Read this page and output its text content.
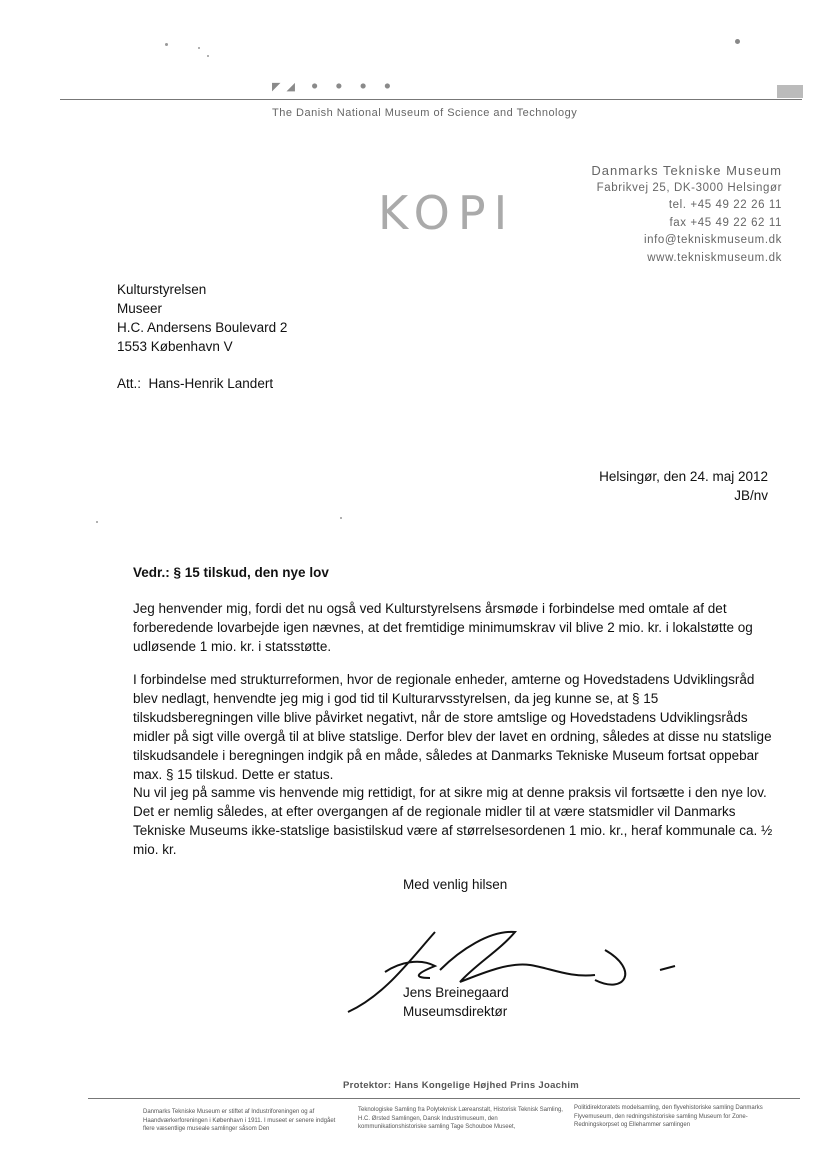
◤◢ ⚫ ⚫ ⚫ ⚫
The Danish National Museum of Science and Technology
KOPI
Danmarks Tekniske Museum
Fabrikvej 25, DK-3000 Helsingør
tel. +45 49 22 26 11
fax +45 49 22 62 11
info@tekniskmuseum.dk
www.tekniskmuseum.dk
Kulturstyrelsen
Museer
H.C. Andersens Boulevard 2
1553 København V
Att.:  Hans-Henrik Landert
Helsingør, den 24. maj 2012
JB/nv
Vedr.: § 15 tilskud, den nye lov
Jeg henvender mig, fordi det nu også ved Kulturstyrelsens årsmøde i forbindelse med omtale af det forberedende lovarbejde igen nævnes, at det fremtidige minimumskrav vil blive 2 mio. kr. i lokalstøtte og udløsende 1 mio. kr. i statsstøtte.
I forbindelse med strukturreformen, hvor de regionale enheder, amterne og Hovedstadens Udviklingsråd blev nedlagt, henvendte jeg mig i god tid til Kulturarvsstyrelsen, da jeg kunne se, at § 15 tilskudsberegningen ville blive påvirket negativt, når de store amtslige og Hovedstadens Udviklingsråds midler på sigt ville overgå til at blive statslige. Derfor blev der lavet en ordning, således at disse nu statslige tilskudsandele i beregningen indgik på en måde, således at Danmarks Tekniske Museum fortsat oppebar max. § 15 tilskud. Dette er status.
Nu vil jeg på samme vis henvende mig rettidigt, for at sikre mig at denne praksis vil fortsætte i den nye lov. Det er nemlig således, at efter overgangen af de regionale midler til at være statsmidler vil Danmarks Tekniske Museums ikke-statslige basistilskud være af størrelsesordenen 1 mio. kr., heraf kommunale ca. ½ mio. kr.
Med venlig hilsen
Jens Breinegaard
Museumsdirektør
Protektor: Hans Kongelige Højhed Prins Joachim
Danmarks Tekniske Museum er stiftet af Industriforeningen og af Haandværkerforeningen i København i 1911. I museet er senere indgået flere væsentlige museale samlinger såsom Den
Teknologiske Samling fra Polyteknisk Læreanstalt, Historisk Teknisk Samling, H.C. Ørsted Samlingen, Dansk Industrimuseum, den kommunikationshistoriske samling Tage Schouboe Museet,
Politidirektoratets modelsamling, den flyvehistoriske samling Danmarks Flyvemuseum, den redningshistoriske samling Museum for Zone-Redningskorpset og Ellehammer samlingen
